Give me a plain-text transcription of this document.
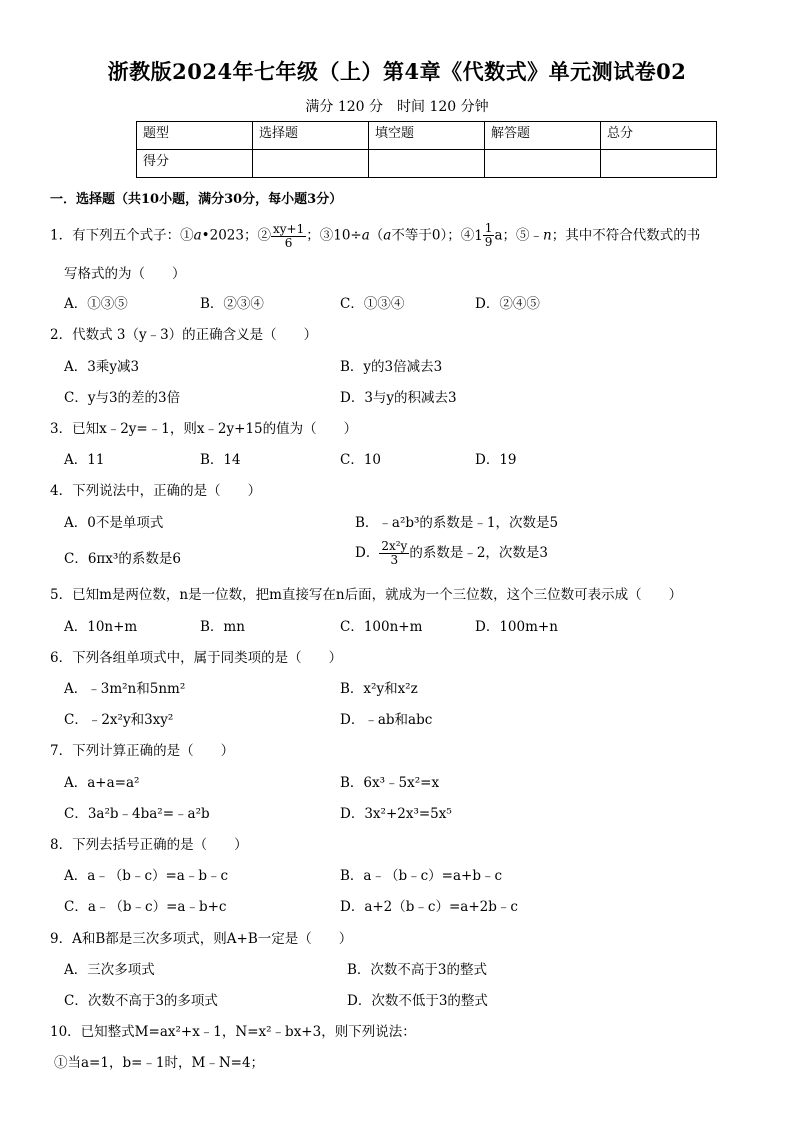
浙教版2024年七年级（上）第4章《代数式》单元测试卷02
满分 120 分　时间 120 分钟
题型	选择题	填空题	解答题	总分
得分				
一．选择题（共10小题，满分30分，每小题3分）
1．有下列五个式子：①a•2023；② $\frac{xy+1}{6}$ ；③10÷a（a不等于0）；④ $1 \frac{1}{9}$ a；⑤﹣n；其中不符合代数式的书
写格式的为（　　）
A．①③⑤	B．②③④	C．①③④	D．②④⑤
2．代数式 3（y﹣3）的正确含义是（　　）
A．3乘y减3	B．y的3倍减去3
C．y与3的差的3倍	D．3与y的积减去3
3．已知x﹣2y=﹣1，则x﹣2y+15的值为（　　）
A．11	B．14	C．10	D．19
4．下列说法中，正确的是（　　）
A．0不是单项式	B．﹣a²b³的系数是﹣1，次数是5
C．6πx³的系数是6	D． $\frac{\text{2x²y}}{3}$ 的系数是﹣2，次数是3
5．已知m是两位数，n是一位数，把m直接写在n后面，就成为一个三位数，这个三位数可表示成（　　）
A．10n+m	B．mn	C．100n+m	D．100m+n
6．下列各组单项式中，属于同类项的是（　　）
A．﹣3m²n和5nm²	B．x²y和x²z
C．﹣2x²y和3xy²	D．﹣ab和abc
7．下列计算正确的是（　　）
A．a+a=a²	B．6x³﹣5x²=x
C．3a²b﹣4ba²=﹣a²b	D．3x²+2x³=5x⁵
8．下列去括号正确的是（　　）
A．a﹣（b﹣c）=a﹣b﹣c	B．a﹣（b﹣c）=a+b﹣c
C．a﹣（b﹣c）=a﹣b+c	D．a+2（b﹣c）=a+2b﹣c
9．A和B都是三次多项式，则A+B一定是（　　）
A．三次多项式	B．次数不高于3的整式
C．次数不高于3的多项式	D．次数不低于3的整式
10．已知整式M=ax²+x﹣1，N=x²﹣bx+3，则下列说法：
①当a=1，b=﹣1时，M﹣N=4；
